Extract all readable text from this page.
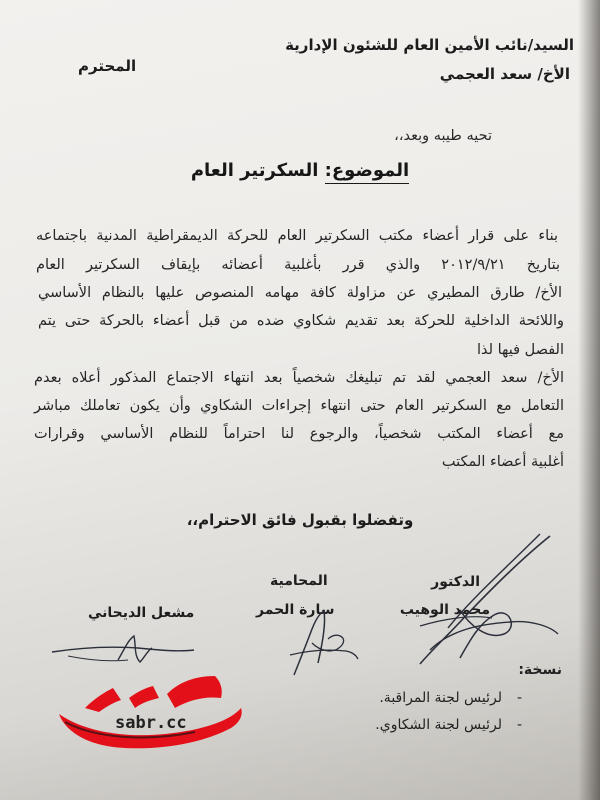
السيد/نائب الأمين العام للشئون الإدارية
الأخ/ سعد العجمي
المحترم
تحيه طيبه وبعد،،
الموضوع: السكرتير العام
بناء على قرار أعضاء مكتب السكرتير العام للحركة الديمقراطية المدنية باجتماعه
بتاريخ ٢٠١٢/٩/٢١ والذي قرر بأغلبية أعضائه بإيقاف السكرتير العام
الأخ/ طارق المطيري عن مزاولة كافة مهامه المنصوص عليها بالنظام الأساسي
واللائحة الداخلية للحركة بعد تقديم شكاوي ضده من قبل أعضاء بالحركة حتى يتم
الفصل فيها لذا
الأخ/ سعد العجمي لقد تم تبليغك شخصياً بعد انتهاء الاجتماع المذكور أعلاه بعدم
التعامل مع السكرتير العام حتى انتهاء إجراءات الشكاوي وأن يكون تعاملك مباشر
مع أعضاء المكتب شخصياً، والرجوع لنا احتراماً للنظام الأساسي وقرارات
أغلبية أعضاء المكتب
وتفضلوا بقبول فائق الاحترام،،
الدكتور
محمد الوهيب
المحامية
سارة الحمر
مشعل الديحاني
نسخة:
-
لرئيس لجنة المراقبة.
-
لرئيس لجنة الشكاوي.
sabr.cc
